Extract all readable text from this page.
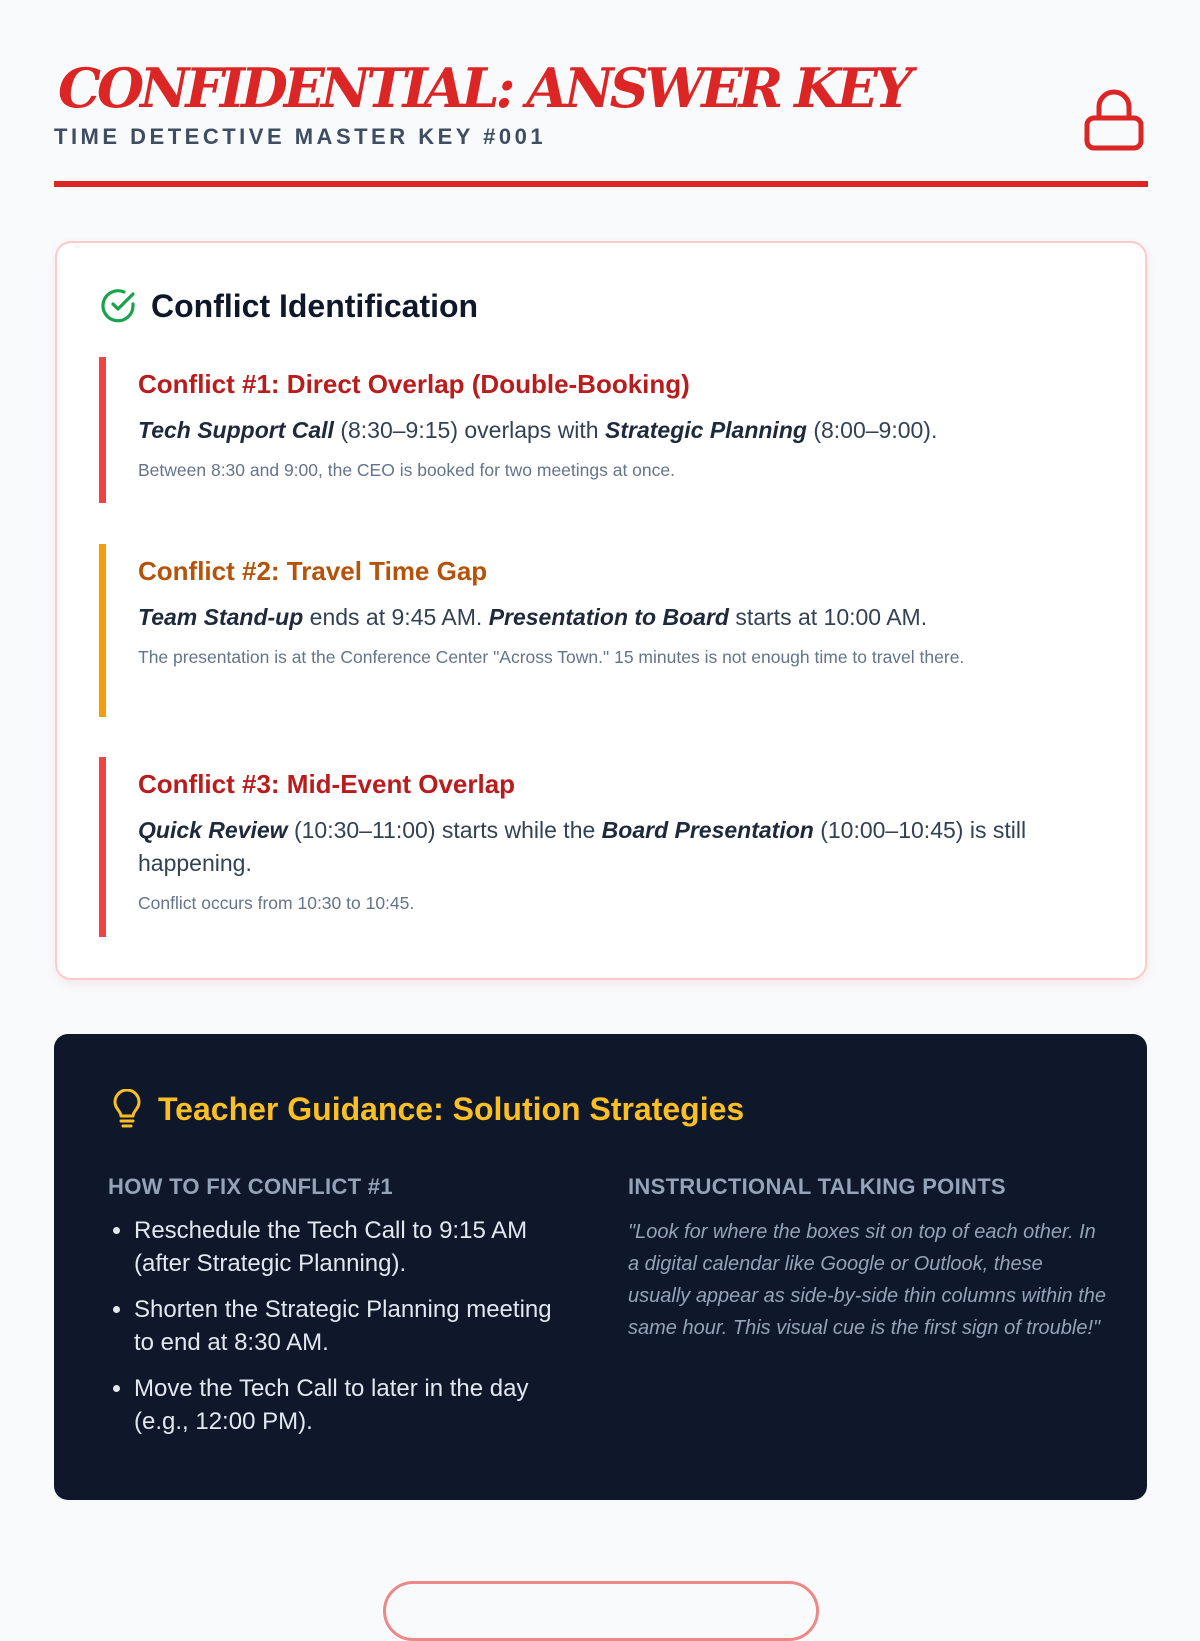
CONFIDENTIAL: ANSWER KEY
TIME DETECTIVE MASTER KEY #001
Conflict Identification
Conflict #1: Direct Overlap (Double-Booking)
Tech Support Call (8:30–9:15) overlaps with Strategic Planning (8:00–9:00).
Between 8:30 and 9:00, the CEO is booked for two meetings at once.
Conflict #2: Travel Time Gap
Team Stand-up ends at 9:45 AM. Presentation to Board starts at 10:00 AM.
The presentation is at the Conference Center "Across Town." 15 minutes is not enough time to travel there.
Conflict #3: Mid-Event Overlap
Quick Review (10:30–11:00) starts while the Board Presentation (10:00–10:45) is still happening.
Conflict occurs from 10:30 to 10:45.
Teacher Guidance: Solution Strategies
HOW TO FIX CONFLICT #1
• Reschedule the Tech Call to 9:15 AM (after Strategic Planning).
• Shorten the Strategic Planning meeting to end at 8:30 AM.
• Move the Tech Call to later in the day (e.g., 12:00 PM).
INSTRUCTIONAL TALKING POINTS

"Look for where the boxes sit on top of each other. In a digital calendar like Google or Outlook, these usually appear as side-by-side thin columns within the same hour. This visual cue is the first sign of trouble!"
